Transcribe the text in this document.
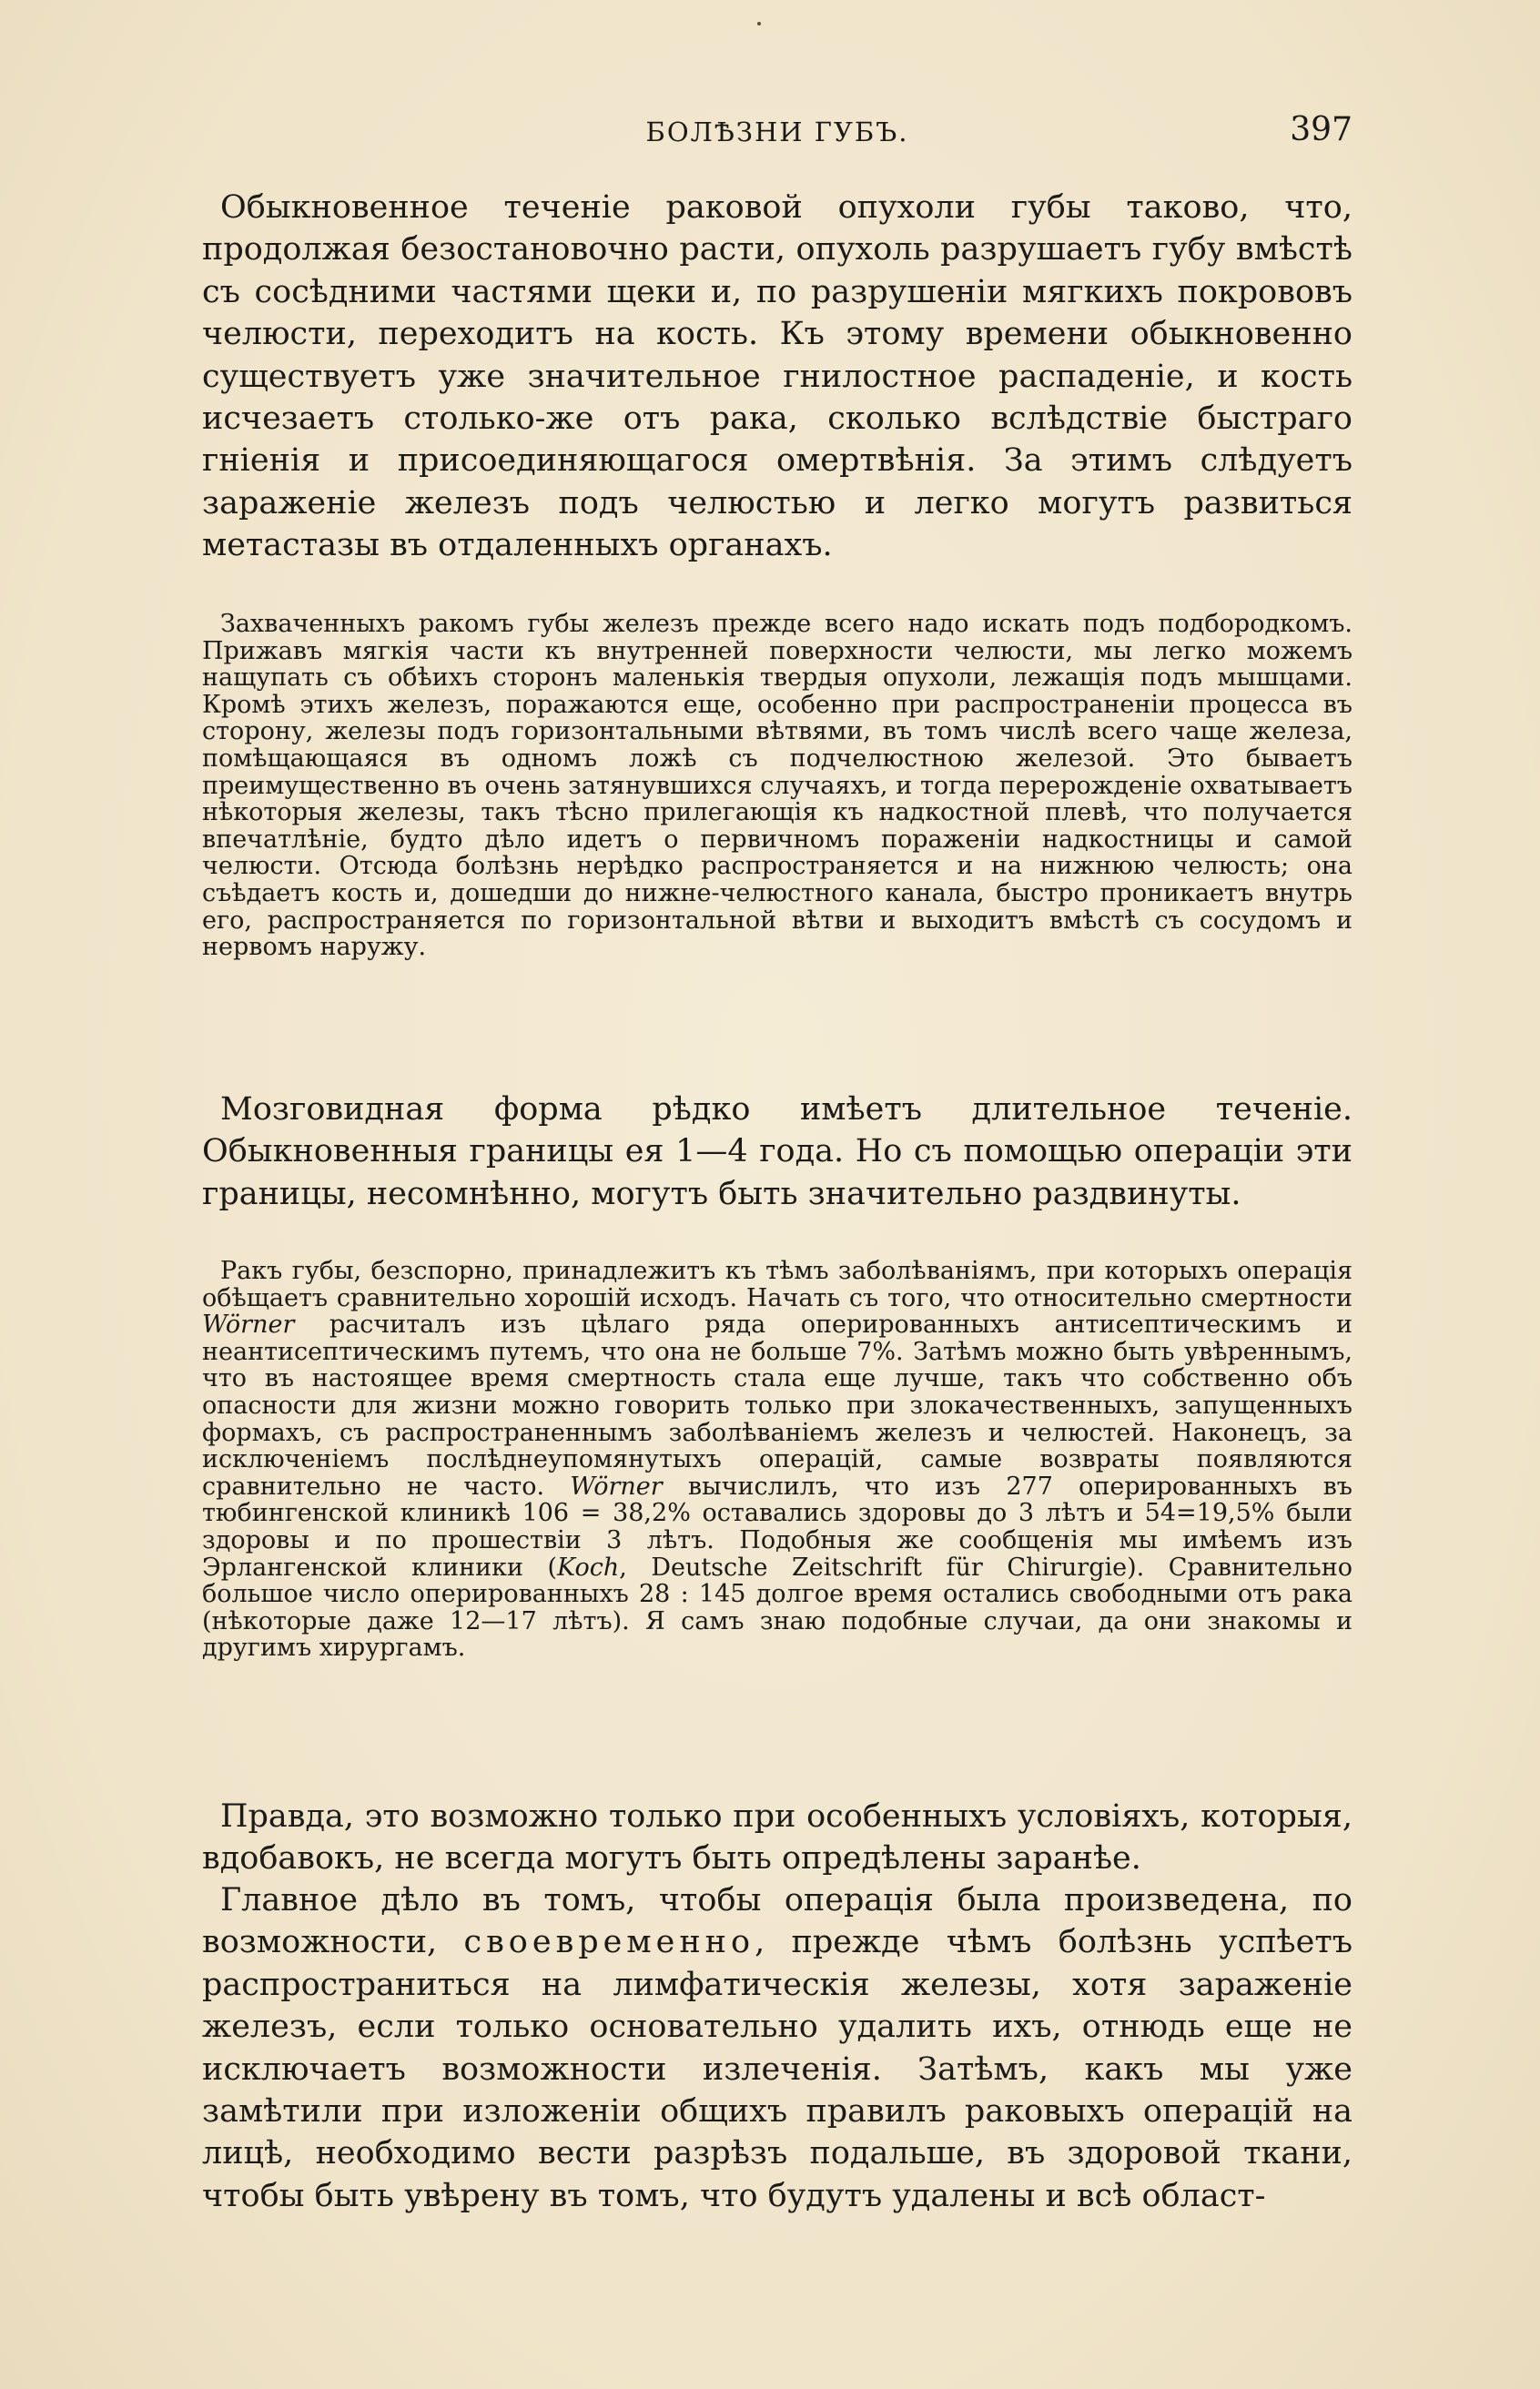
БОЛѢЗНИ ГУБЪ.	397

Обыкновенное теченіе раковой опухоли губы таково, что, продолжая безостановочно расти, опухоль разрушаетъ губу вмѣстѣ съ сосѣдними частями щеки и, по разрушеніи мягкихъ покрововъ челюсти, переходитъ на кость. Къ этому времени обыкновенно существуетъ уже значительное гнилостное распаденіе, и кость исчезаетъ столько-же отъ рака, сколько вслѣдствіе быстраго гніенія и присоединяющагося омертвѣнія. За этимъ слѣдуетъ зараженіе железъ подъ челюстью и легко могутъ развиться метастазы въ отдаленныхъ органахъ.

Захваченныхъ ракомъ губы железъ прежде всего надо искать подъ подбородкомъ. Прижавъ мягкія части къ внутренней поверхности челюсти, мы легко можемъ нащупать съ обѣихъ сторонъ маленькія твердыя опухоли, лежащія подъ мышцами. Кромѣ этихъ железъ, поражаются еще, особенно при распространеніи процесса въ сторону, железы подъ горизонтальными вѣтвями, въ томъ числѣ всего чаще железа, помѣщающаяся въ одномъ ложѣ съ подчелюстною железой. Это бываетъ преимущественно въ очень затянувшихся случаяхъ, и тогда перерожденіе охватываетъ нѣкоторыя железы, такъ тѣсно прилегающія къ надкостной плевѣ, что получается впечатлѣніе, будто дѣло идетъ о первичномъ пораженіи надкостницы и самой челюсти. Отсюда болѣзнь нерѣдко распространяется и на нижнюю челюсть; она съѣдаетъ кость и, дошедши до нижне-челюстного канала, быстро проникаетъ внутрь его, распространяется по горизонтальной вѣтви и выходитъ вмѣстѣ съ сосудомъ и нервомъ наружу.

Мозговидная форма рѣдко имѣетъ длительное теченіе. Обыкновенныя границы ея 1—4 года. Но съ помощью операціи эти границы, несомнѣнно, могутъ быть значительно раздвинуты.

Ракъ губы, безспорно, принадлежитъ къ тѣмъ заболѣваніямъ, при которыхъ операція обѣщаетъ сравнительно хорошій исходъ. Начать съ того, что относительно смертности Wörner расчиталъ изъ цѣлаго ряда оперированныхъ антисептическимъ и неантисептическимъ путемъ, что она не больше 7%. Затѣмъ можно быть увѣреннымъ, что въ настоящее время смертность стала еще лучше, такъ что собственно объ опасности для жизни можно говорить только при злокачественныхъ, запущенныхъ формахъ, съ распространеннымъ заболѣваніемъ железъ и челюстей. Наконецъ, за исключеніемъ послѣднеупомянутыхъ операцій, самые возвраты появляются сравнительно не часто. Wörner вычислилъ, что изъ 277 оперированныхъ въ тюбингенской клиникѣ 106 = 38,2% оставались здоровы до 3 лѣтъ и 54=19,5% были здоровы и по прошествіи 3 лѣтъ. Подобныя же сообщенія мы имѣемъ изъ Эрлангенской клиники (Koch, Deutsche Zeitschrift für Chirurgie). Сравнительно большое число оперированныхъ 28 : 145 долгое время остались свободными отъ рака (нѣкоторые даже 12—17 лѣтъ). Я самъ знаю подобные случаи, да они знакомы и другимъ хирургамъ.

Правда, это возможно только при особенныхъ условіяхъ, которыя, вдобавокъ, не всегда могутъ быть опредѣлены заранѣе.

Главное дѣло въ томъ, чтобы операція была произведена, по возможности, своевременно, прежде чѣмъ болѣзнь успѣетъ распространиться на лимфатическія железы, хотя зараженіе железъ, если только основательно удалить ихъ, отнюдь еще не исключаетъ возможности излеченія. Затѣмъ, какъ мы уже замѣтили при изложеніи общихъ правилъ раковыхъ операцій на лицѣ, необходимо вести разрѣзъ подальше, въ здоровой ткани, чтобы быть увѣрену въ томъ, что будутъ удалены и всѣ област-
